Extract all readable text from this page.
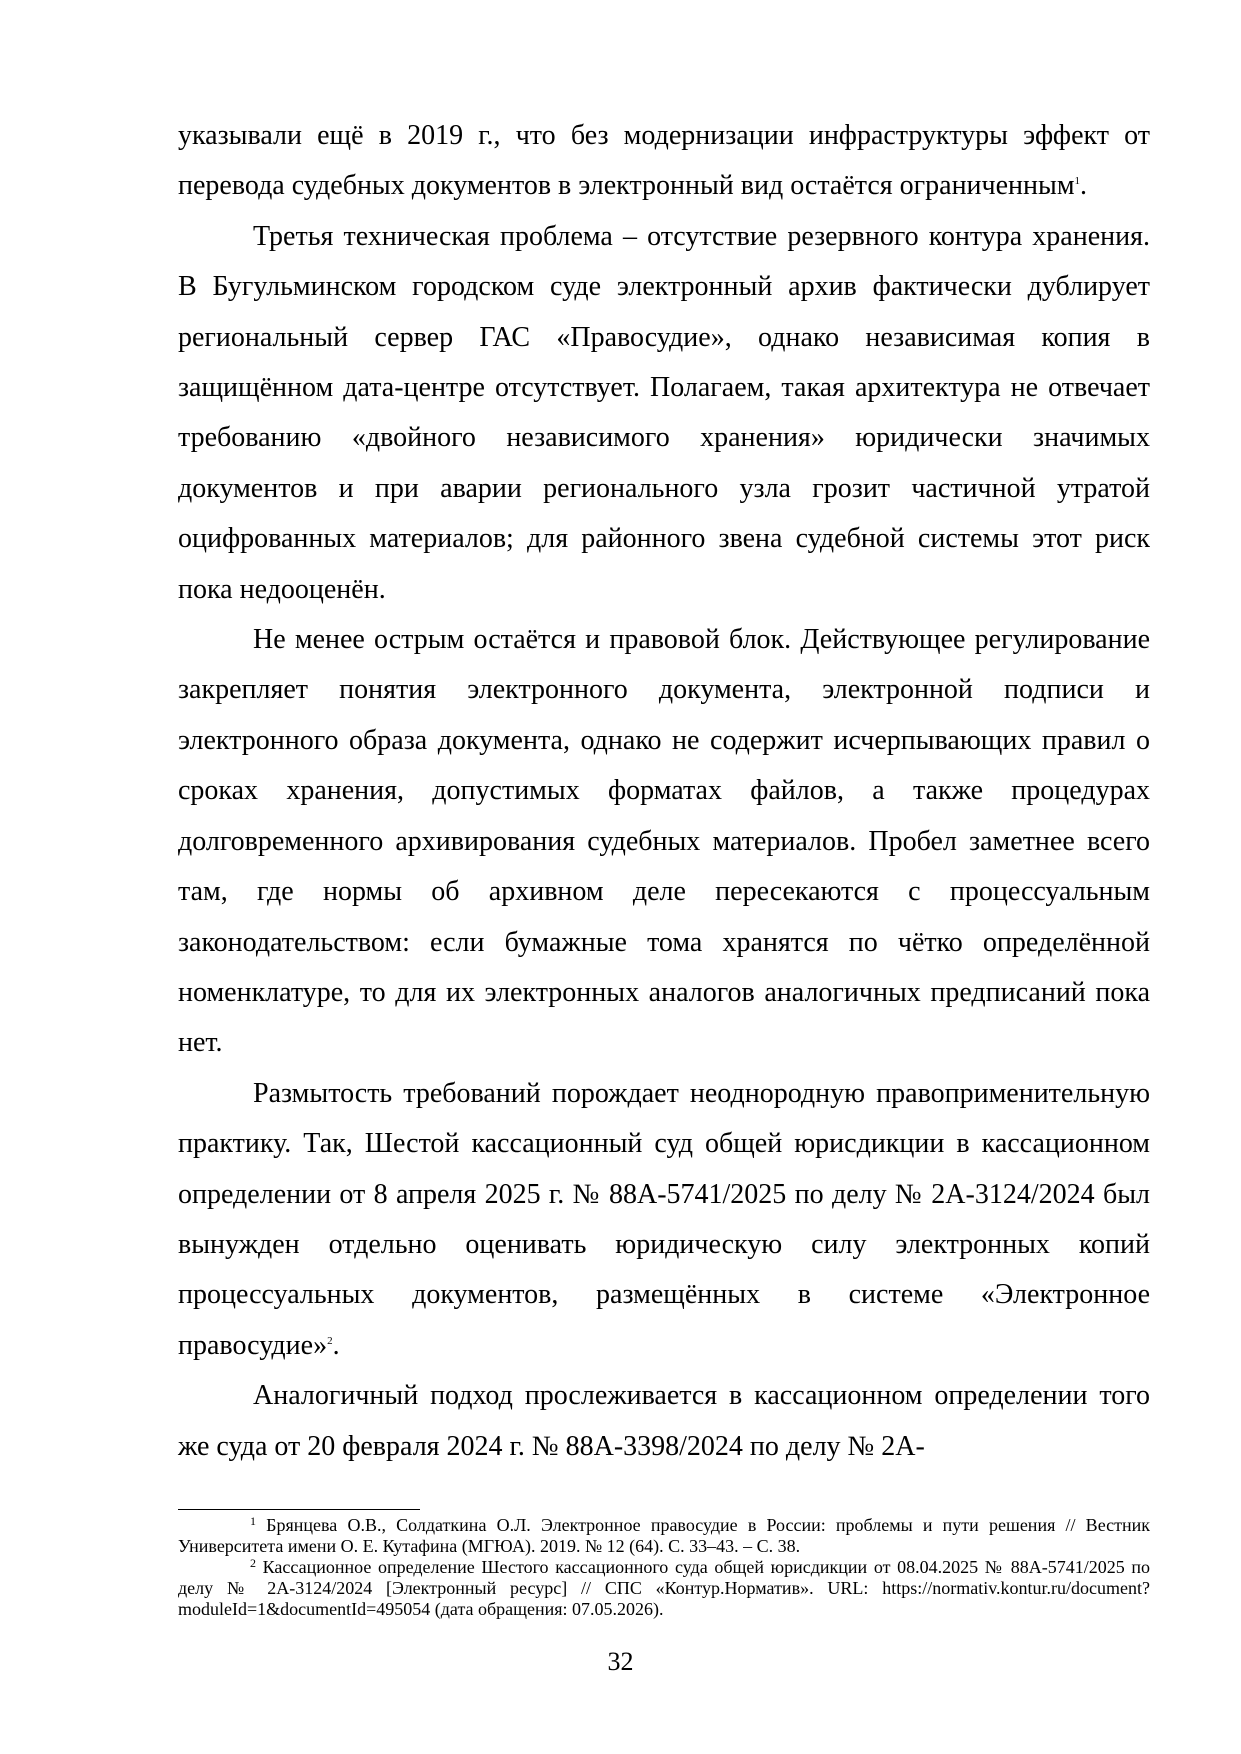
указывали ещё в 2019 г., что без модернизации инфраструктуры эффект от перевода судебных документов в электронный вид остаётся ограниченным$^1$.

Третья техническая проблема – отсутствие резервного контура хранения. В Бугульминском городском суде электронный архив фактически дублирует региональный сервер ГАС «Правосудие», однако независимая копия в защищённом дата-центре отсутствует. Полагаем, такая архитектура не отвечает требованию «двойного независимого хранения» юридически значимых документов и при аварии регионального узла грозит частичной утратой оцифрованных материалов; для районного звена судебной системы этот риск пока недооценён.

Не менее острым остаётся и правовой блок. Действующее регулирование закрепляет понятия электронного документа, электронной подписи и электронного образа документа, однако не содержит исчерпывающих правил о сроках хранения, допустимых форматах файлов, а также процедурах долговременного архивирования судебных материалов. Пробел заметнее всего там, где нормы об архивном деле пересекаются с процессуальным законодательством: если бумажные тома хранятся по чётко определённой номенклатуре, то для их электронных аналогов аналогичных предписаний пока нет.

Размытость требований порождает неоднородную правоприменительную практику. Так, Шестой кассационный суд общей юрисдикции в кассационном определении от 8 апреля 2025 г. № 88А-5741/2025 по делу № 2А-3124/2024 был вынужден отдельно оценивать юридическую силу электронных копий процессуальных документов, размещённых в системе «Электронное правосудие»$^2$.

Аналогичный подход прослеживается в кассационном определении того же суда от 20 февраля 2024 г. № 88А-3398/2024 по делу № 2А-

$^1$ Брянцева О.В., Солдаткина О.Л. Электронное правосудие в России: проблемы и пути решения // Вестник Университета имени О. Е. Кутафина (МГЮА). 2019. № 12 (64). С. 33–43. – С. 38.

$^2$ Кассационное определение Шестого кассационного суда общей юрисдикции от 08.04.2025 № 88А-5741/2025 по делу № 2А-3124/2024 [Электронный ресурс] // СПС «Контур.Норматив». URL: https://normativ.kontur.ru/document?moduleId=1&documentId=495054 (дата обращения: 07.05.2026).

32
